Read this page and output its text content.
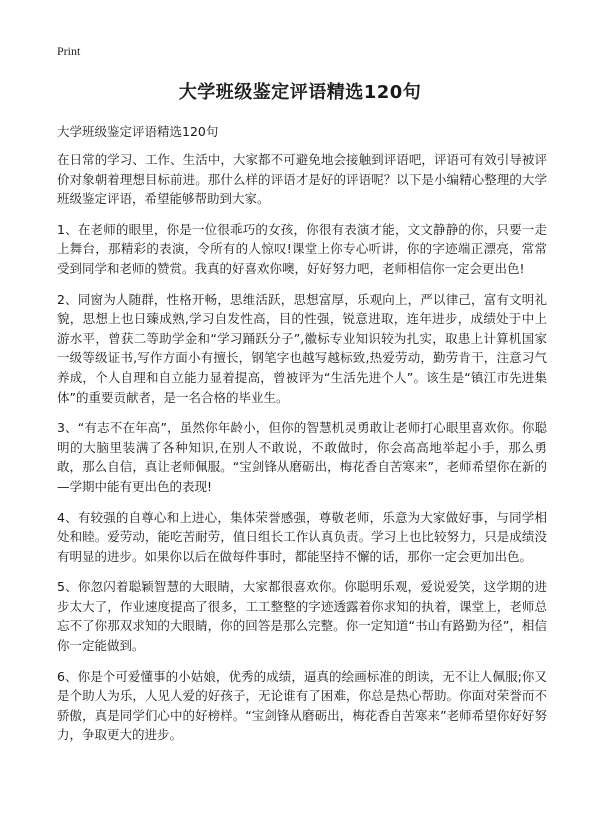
Print
大学班级鉴定评语精选120句
大学班级鉴定评语精选120句

在日常的学习、工作、生活中，大家都不可避免地会接触到评语吧，评语可有效引导被评价对象朝着理想目标前进。那什么样的评语才是好的评语呢？以下是小编精心整理的大学班级鉴定评语，希望能够帮助到大家。

1、在老师的眼里，你是一位很乖巧的女孩，你很有表演才能，文文静静的你，只要一走上舞台，那精彩的表演，令所有的人惊叹!课堂上你专心听讲，你的字迹端正漂亮，常常受到同学和老师的赞赏。我真的好喜欢你噢，好好努力吧，老师相信你一定会更出色!

2、同窗为人随群，性格开畅，思维活跃，思想富厚，乐观向上，严以律己，富有文明礼貌，思想上也日臻成熟,学习自发性高，目的性强，锐意进取，连年进步，成绩处于中上游水平，曾获二等助学金和“学习踊跃分子”,徽标专业知识较为扎实，取患上计算机国家一级等级证书,写作方面小有擅长，钢笔字也越写越标致,热爱劳动，勤劳肯干，注意习气养成，个人自理和自立能力显着提高，曾被评为“生活先进个人”。该生是“镇江市先进集体”的重要贡献者，是一名合格的毕业生。

3、“有志不在年高”，虽然你年龄小，但你的智慧机灵勇敢让老师打心眼里喜欢你。你聪明的大脑里装满了各种知识,在别人不敢说，不敢做时，你会高高地举起小手，那么勇敢，那么自信，真让老师佩服。“宝剑锋从磨砺出，梅花香自苦寒来”，老师希望你在新的—学期中能有更出色的表现!

4、有较强的自尊心和上进心，集体荣誉感强，尊敬老师，乐意为大家做好事，与同学相处和睦。爱劳动，能吃苦耐劳，值日组长工作认真负责。学习上也比较努力，只是成绩没有明显的进步。如果你以后在做每件事时，都能坚持不懈的话，那你一定会更加出色。

5、你忽闪着聪颖智慧的大眼睛，大家都很喜欢你。你聪明乐观，爱说爱笑，这学期的进步太大了，作业速度提高了很多，工工整整的字迹透露着你求知的执着，课堂上，老师总忘不了你那双求知的大眼睛，你的回答是那么完整。你一定知道“书山有路勤为径”，相信你一定能做到。

6、你是个可爱懂事的小姑娘，优秀的成绩，逼真的绘画标准的朗读，无不让人佩服;你又是个助人为乐，人见人爱的好孩子，无论谁有了困难，你总是热心帮助。你面对荣誉而不骄傲，真是同学们心中的好榜样。“宝剑锋从磨砺出，梅花香自苦寒来”老师希望你好好努力，争取更大的进步。
